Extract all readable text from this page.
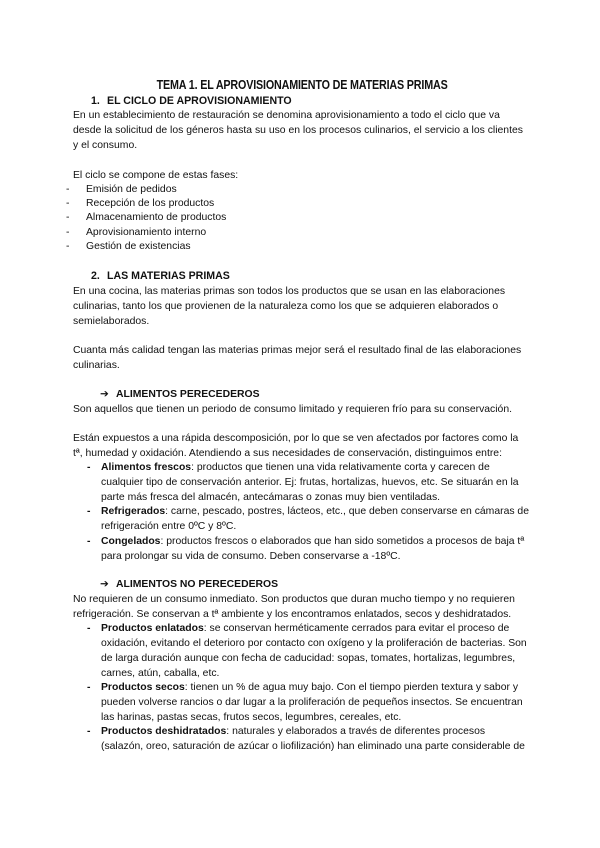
TEMA 1. EL APROVISIONAMIENTO DE MATERIAS PRIMAS
1. EL CICLO DE APROVISIONAMIENTO
En un establecimiento de restauración se denomina aprovisionamiento a todo el ciclo que va
desde la solicitud de los géneros hasta su uso en los procesos culinarios, el servicio a los clientes
y el consumo.
El ciclo se compone de estas fases:
- Emisión de pedidos
- Recepción de los productos
- Almacenamiento de productos
- Aprovisionamiento interno
- Gestión de existencias
2. LAS MATERIAS PRIMAS
En una cocina, las materias primas son todos los productos que se usan en las elaboraciones
culinarias, tanto los que provienen de la naturaleza como los que se adquieren elaborados o
semielaborados.
Cuanta más calidad tengan las materias primas mejor será el resultado final de las elaboraciones
culinarias.
➔ ALIMENTOS PERECEDEROS
Son aquellos que tienen un periodo de consumo limitado y requieren frío para su conservación.
Están expuestos a una rápida descomposición, por lo que se ven afectados por factores como la
tª, humedad y oxidación. Atendiendo a sus necesidades de conservación, distinguimos entre:
- Alimentos frescos: productos que tienen una vida relativamente corta y carecen de
cualquier tipo de conservación anterior. Ej: frutas, hortalizas, huevos, etc. Se situarán en la
parte más fresca del almacén, antecámaras o zonas muy bien ventiladas.
- Refrigerados: carne, pescado, postres, lácteos, etc., que deben conservarse en cámaras de
refrigeración entre 0ºC y 8ºC.
- Congelados: productos frescos o elaborados que han sido sometidos a procesos de baja tª
para prolongar su vida de consumo. Deben conservarse a -18ºC.
➔ ALIMENTOS NO PERECEDEROS
No requieren de un consumo inmediato. Son productos que duran mucho tiempo y no requieren
refrigeración. Se conservan a tª ambiente y los encontramos enlatados, secos y deshidratados.
- Productos enlatados: se conservan herméticamente cerrados para evitar el proceso de
oxidación, evitando el deterioro por contacto con oxígeno y la proliferación de bacterias. Son
de larga duración aunque con fecha de caducidad: sopas, tomates, hortalizas, legumbres,
carnes, atún, caballa, etc.
- Productos secos: tienen un % de agua muy bajo. Con el tiempo pierden textura y sabor y
pueden volverse rancios o dar lugar a la proliferación de pequeños insectos. Se encuentran
las harinas, pastas secas, frutos secos, legumbres, cereales, etc.
- Productos deshidratados: naturales y elaborados a través de diferentes procesos
(salazón, oreo, saturación de azúcar o liofilización) han eliminado una parte considerable de
